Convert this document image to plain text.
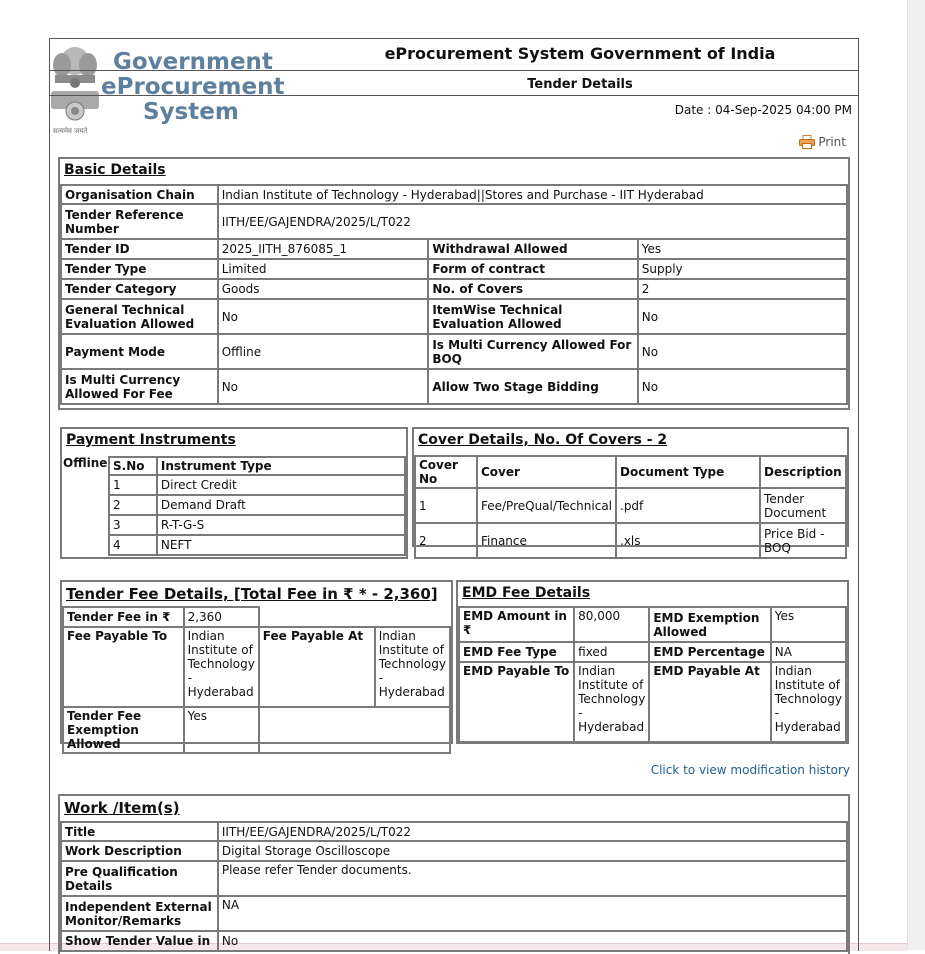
Government
eProcurement
System
सत्यमेव जयते
eProcurement System Government of India
Tender Details
Date : 04-Sep-2025 04:00 PM
Print
Basic Details
Organisation Chain	Indian Institute of Technology - Hyderabad||Stores and Purchase - IIT Hyderabad		
Tender Reference Number	IITH/EE/GAJENDRA/2025/L/T022		
Tender ID	2025_IITH_876085_1	Withdrawal Allowed	Yes
Tender Type	Limited	Form of contract	Supply
Tender Category	Goods	No. of Covers	2
General Technical Evaluation Allowed	No	ItemWise Technical Evaluation Allowed	No
Payment Mode	Offline	Is Multi Currency Allowed For BOQ	No
Is Multi Currency Allowed For Fee	No	Allow Two Stage Bidding	No
Payment Instruments
Offline S.No	Instrument Type
1	Direct Credit
2	Demand Draft
3	R-T-G-S
4	NEFT
Cover Details, No. Of Covers - 2
Cover No	Cover	Document Type	Description
1	Fee/PreQual/Technical	.pdf	Tender Document
2	Finance	.xls	Price Bid - BOQ
Tender Fee Details, [Total Fee in ₹ * - 2,360]
Tender Fee in ₹	2,360		
Fee Payable To	Indian Institute of Technology - Hyderabad	Fee Payable At	Indian Institute of Technology - Hyderabad
Tender Fee Exemption Allowed	Yes		
EMD Fee Details
EMD Amount in ₹	80,000	EMD Exemption Allowed	Yes
EMD Fee Type	fixed	EMD Percentage	NA
EMD Payable To	Indian Institute of Technology - Hyderabad	EMD Payable At	Indian Institute of Technology - Hyderabad
Click to view modification history
Work /Item(s)
Title	IITH/EE/GAJENDRA/2025/L/T022
Work Description	Digital Storage Oscilloscope
Pre Qualification Details	Please refer Tender documents.
Independent External Monitor/Remarks	NA
Show Tender Value in	No
